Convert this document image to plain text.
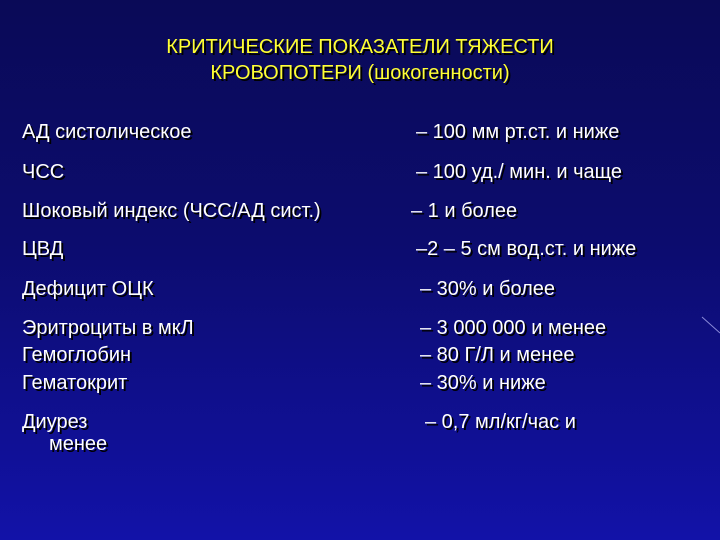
КРИТИЧЕСКИЕ ПОКАЗАТЕЛИ ТЯЖЕСТИ
КРОВОПОТЕРИ (шокогенности)
АД систолическое	– 100 мм рт.ст. и ниже
ЧСС	– 100 уд./ мин. и чаще
Шоковый индекс (ЧСС/АД сист.)	– 1 и более
ЦВД	–2 – 5 см вод.ст. и ниже
Дефицит ОЦК	– 30% и более
Эритроциты в мкЛ	– 3 000 000 и менее
Гемоглобин	– 80 Г/Л и менее
Гематокрит	– 30% и ниже
Диурез	– 0,7 мл/кг/час и
менее
